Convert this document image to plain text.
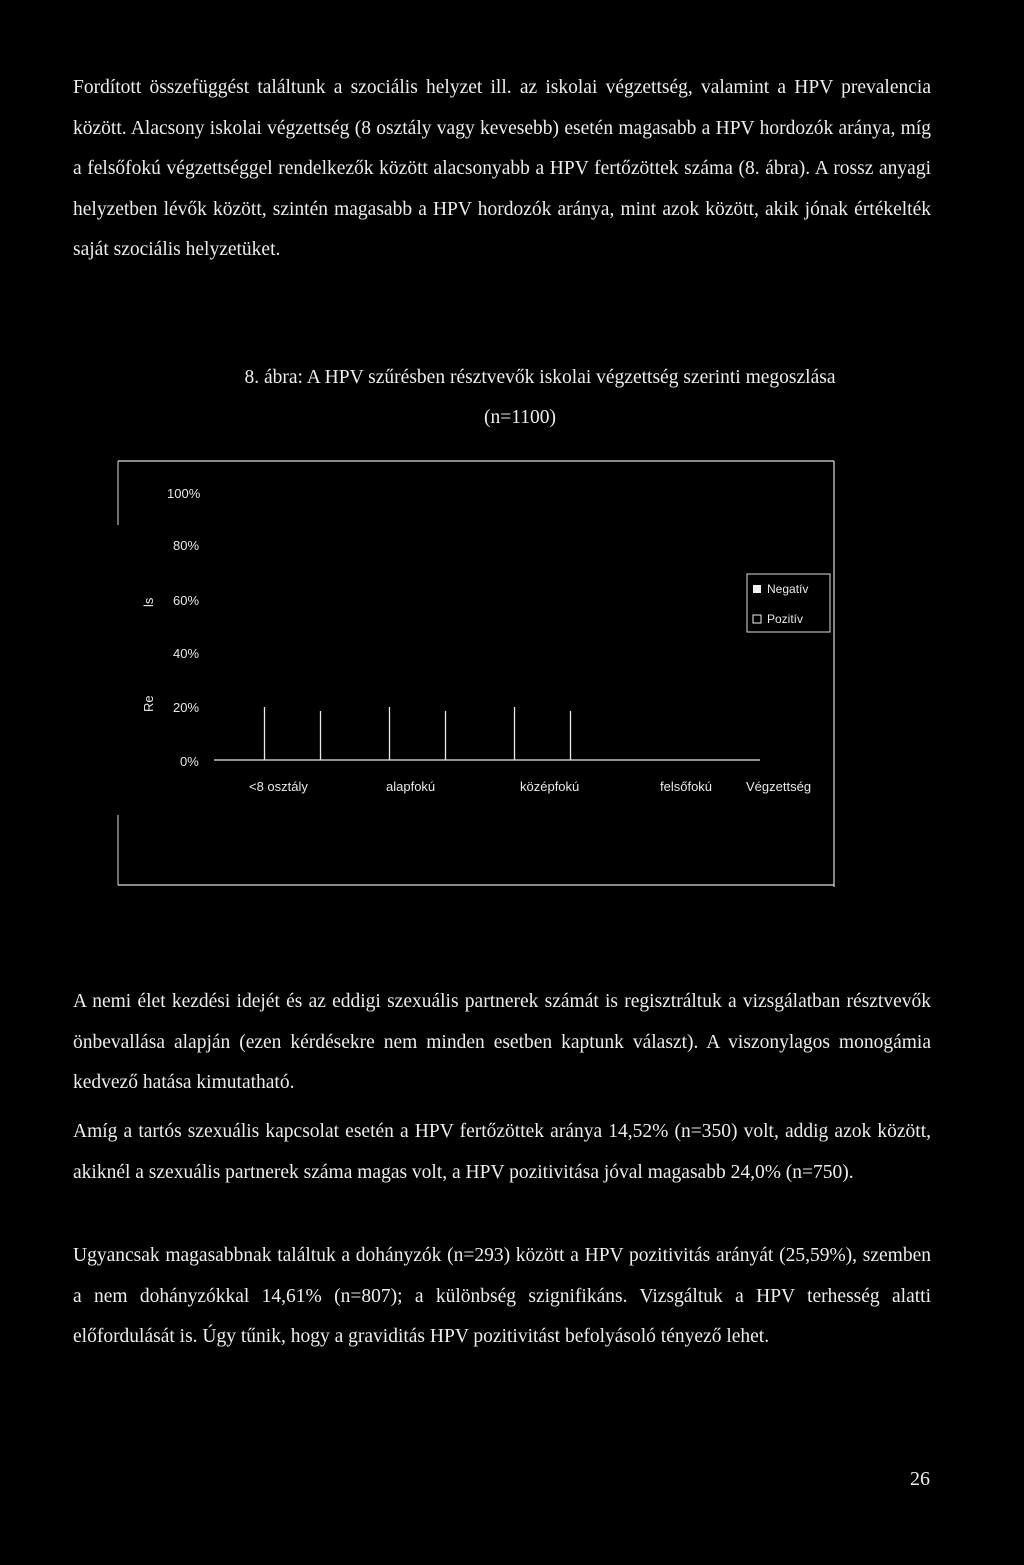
Fordított összefüggést találtunk a szociális helyzet ill. az iskolai végzettség, valamint a HPV prevalencia között. Alacsony iskolai végzettség (8 osztály vagy kevesebb) esetén magasabb a HPV hordozók aránya, míg a felsőfokú végzettséggel rendelkezők között alacsonyabb a HPV fertőzöttek száma (8. ábra). A rossz anyagi helyzetben lévők között, szintén magasabb a HPV hordozók aránya, mint azok között, akik jónak értékelték saját szociális helyzetüket.

8. ábra: A HPV szűrésben résztvevők iskolai végzettség szerinti megoszlása

(n=1100)

100%
80%
60%
40%
20%
0%
Re
ls
<8 osztály	alapfokú	középfokú	felsőfokú	Végzettség
Negatív
Pozitív

A nemi élet kezdési idejét és az eddigi szexuális partnerek számát is regisztráltuk a vizsgálatban résztvevők önbevallása alapján (ezen kérdésekre nem minden esetben kaptunk választ). A viszonylagos monogámia kedvező hatása kimutatható.

Amíg a tartós szexuális kapcsolat esetén a HPV fertőzöttek aránya 14,52% (n=350) volt, addig azok között, akiknél a szexuális partnerek száma magas volt, a HPV pozitivitása jóval magasabb 24,0% (n=750).

Ugyancsak magasabbnak találtuk a dohányzók (n=293) között a HPV pozitivitás arányát (25,59%), szemben a nem dohányzókkal 14,61% (n=807); a különbség szignifikáns. Vizsgáltuk a HPV terhesség alatti előfordulását is. Úgy tűnik, hogy a graviditás HPV pozitivitást befolyásoló tényező lehet.

26
